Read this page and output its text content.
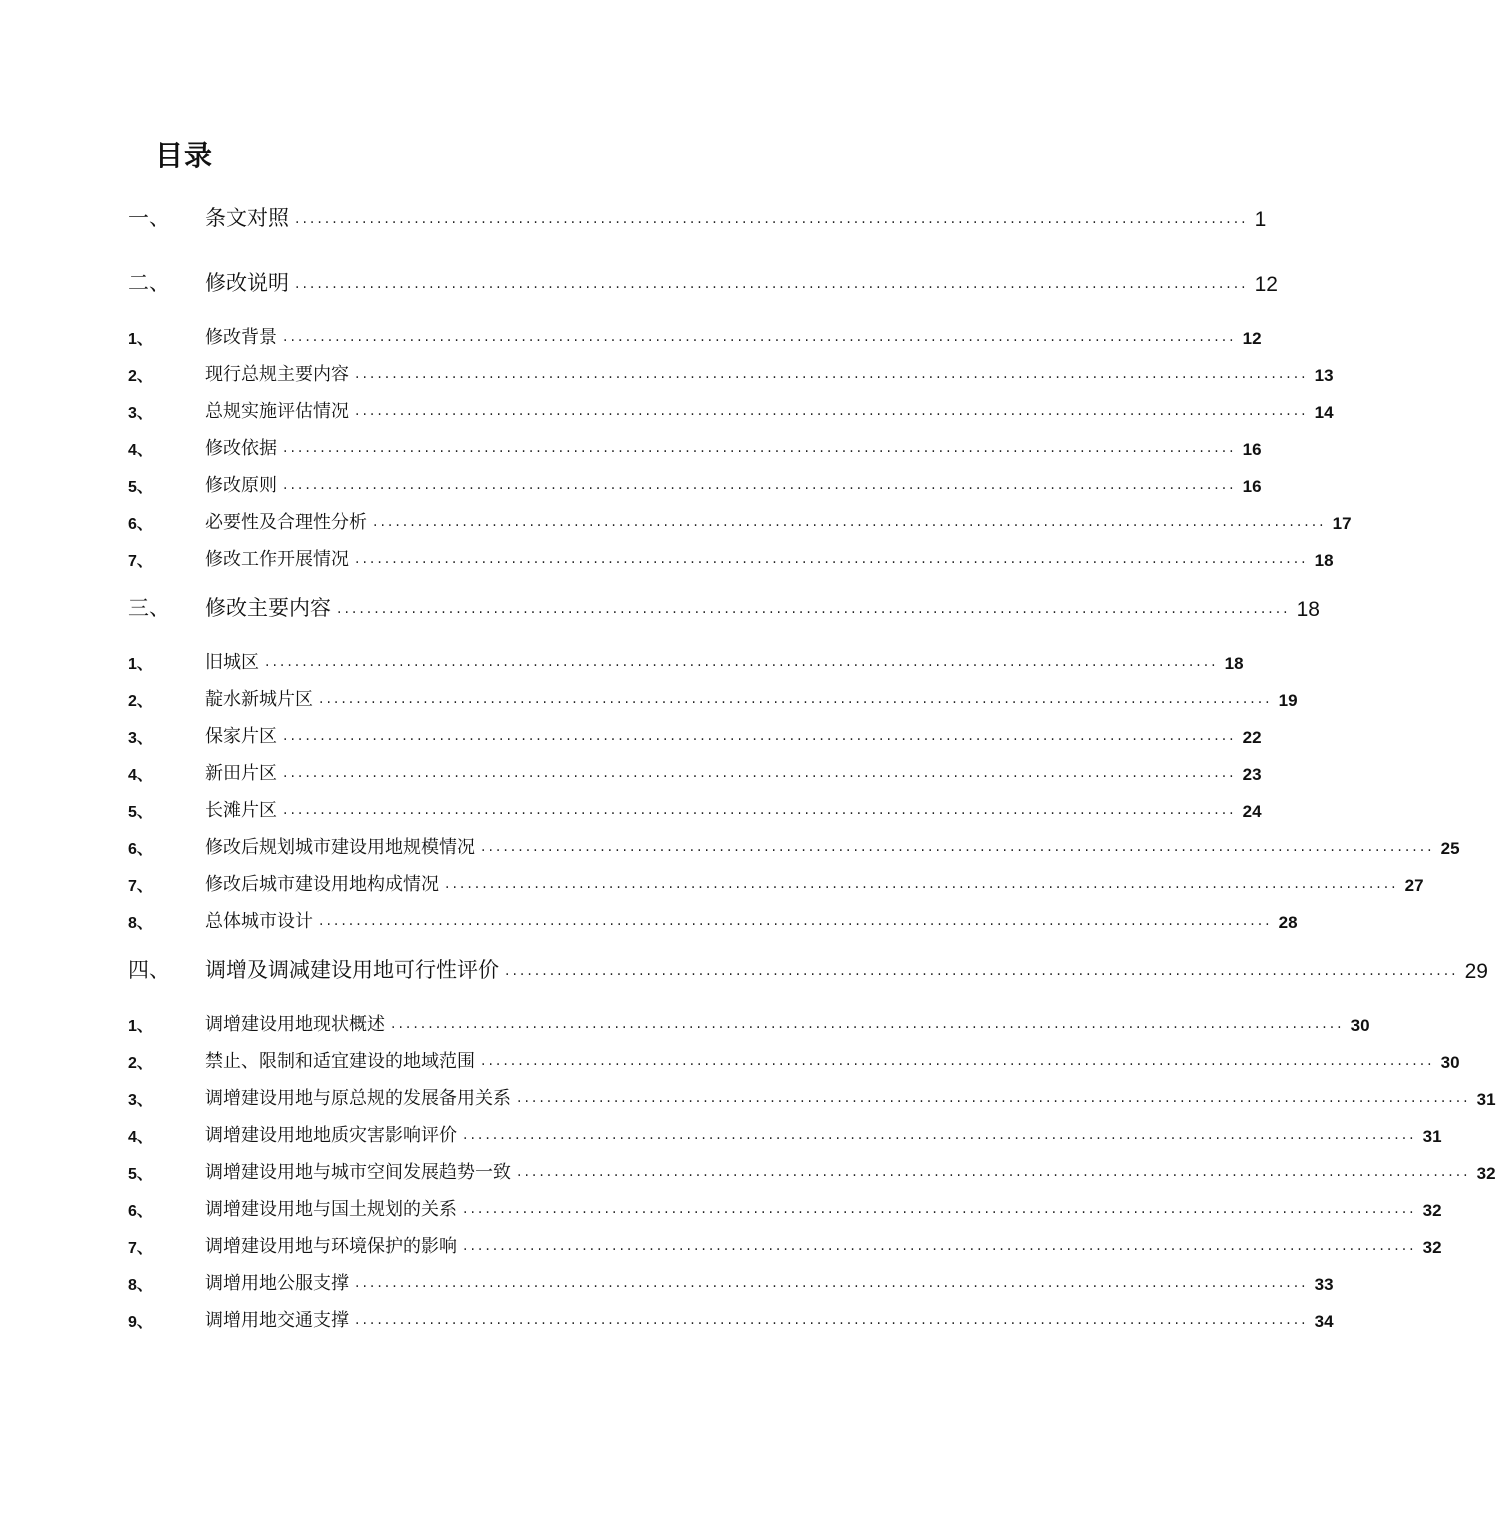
目录
一、	条文对照 ................................................................................................................................ 1
二、	修改说明 ................................................................................................................................ 12
1、	修改背景 ................................................................................................................................ 12
2、	现行总规主要内容 ................................................................................................................................ 13
3、	总规实施评估情况 ................................................................................................................................ 14
4、	修改依据 ................................................................................................................................ 16
5、	修改原则 ................................................................................................................................ 16
6、	必要性及合理性分析 ................................................................................................................................ 17
7、	修改工作开展情况 ................................................................................................................................ 18
三、	修改主要内容 ................................................................................................................................ 18
1、	旧城区 ................................................................................................................................ 18
2、	靛水新城片区 ................................................................................................................................ 19
3、	保家片区 ................................................................................................................................ 22
4、	新田片区 ................................................................................................................................ 23
5、	长滩片区 ................................................................................................................................ 24
6、	修改后规划城市建设用地规模情况 ................................................................................................................................ 25
7、	修改后城市建设用地构成情况 ................................................................................................................................ 27
8、	总体城市设计 ................................................................................................................................ 28
四、	调增及调减建设用地可行性评价 ................................................................................................................................ 29
1、	调增建设用地现状概述 ................................................................................................................................ 30
2、	禁止、限制和适宜建设的地域范围 ................................................................................................................................ 30
3、	调增建设用地与原总规的发展备用关系 ................................................................................................................................ 31
4、	调增建设用地地质灾害影响评价 ................................................................................................................................ 31
5、	调增建设用地与城市空间发展趋势一致 ................................................................................................................................ 32
6、	调增建设用地与国土规划的关系 ................................................................................................................................ 32
7、	调增建设用地与环境保护的影响 ................................................................................................................................ 32
8、	调增用地公服支撑 ................................................................................................................................ 33
9、	调增用地交通支撑 ................................................................................................................................ 34
